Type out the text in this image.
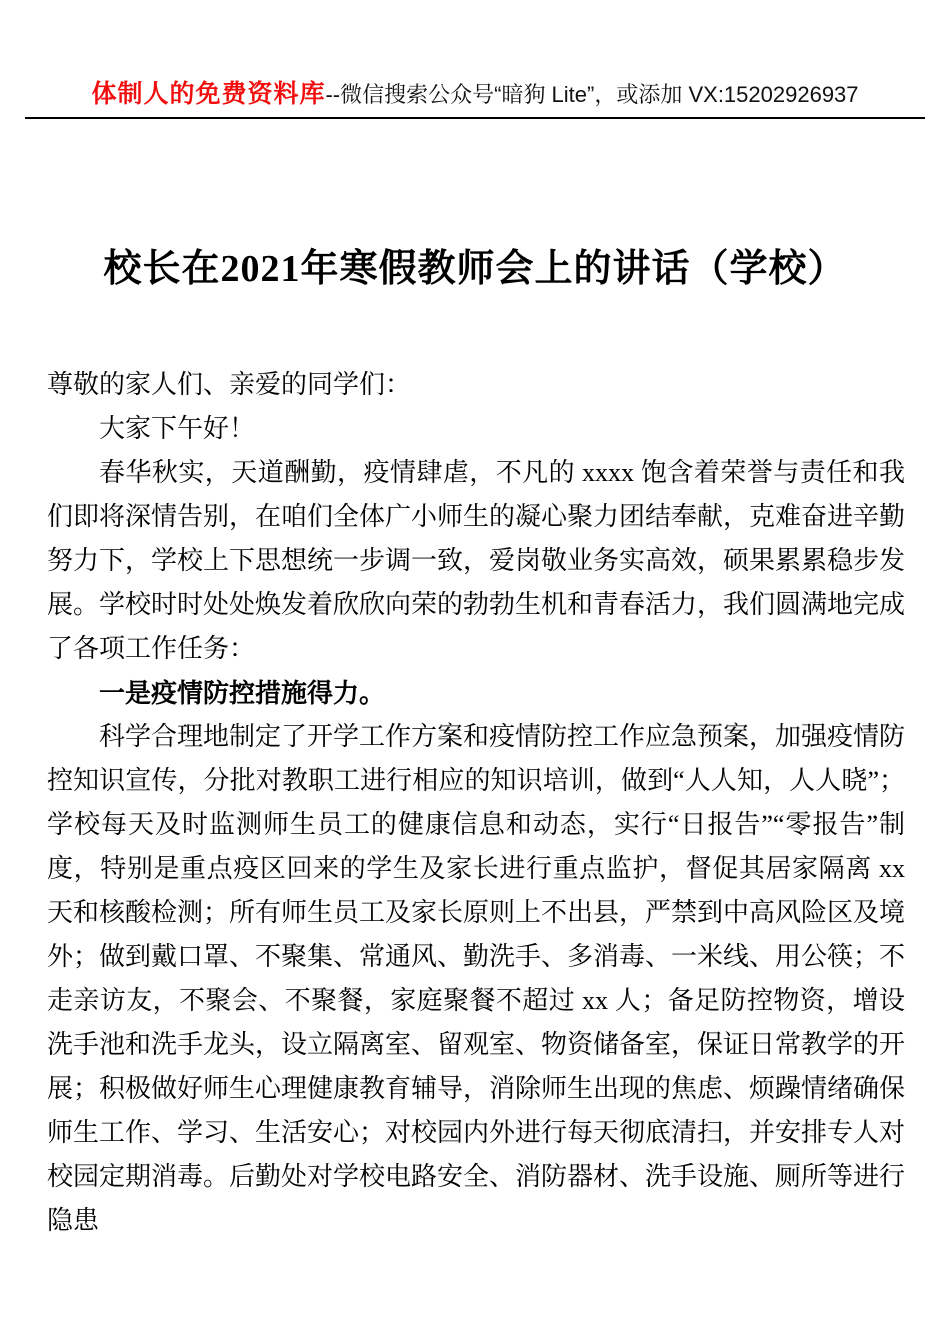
体制人的免费资料库--微信搜索公众号“暗狗 Lite”，或添加 VX:15202926937
校长在2021年寒假教师会上的讲话（学校）

尊敬的家人们、亲爱的同学们：

大家下午好！

春华秋实，天道酬勤，疫情肆虐，不凡的 xxxx 饱含着荣誉与责任和我们即将深情告别，在咱们全体广小师生的凝心聚力团结奉献，克难奋进辛勤努力下，学校上下思想统一步调一致，爱岗敬业务实高效，硕果累累稳步发展。学校时时处处焕发着欣欣向荣的勃勃生机和青春活力，我们圆满地完成了各项工作任务：

一是疫情防控措施得力。

科学合理地制定了开学工作方案和疫情防控工作应急预案，加强疫情防控知识宣传，分批对教职工进行相应的知识培训，做到“人人知，人人晓”；学校每天及时监测师生员工的健康信息和动态，实行“日报告”“零报告”制度，特别是重点疫区回来的学生及家长进行重点监护，督促其居家隔离 xx 天和核酸检测；所有师生员工及家长原则上不出县，严禁到中高风险区及境外；做到戴口罩、不聚集、常通风、勤洗手、多消毒、一米线、用公筷；不走亲访友，不聚会、不聚餐，家庭聚餐不超过 xx 人；备足防控物资，增设洗手池和洗手龙头，设立隔离室、留观室、物资储备室，保证日常教学的开展；积极做好师生心理健康教育辅导，消除师生出现的焦虑、烦躁情绪确保师生工作、学习、生活安心；对校园内外进行每天彻底清扫，并安排专人对校园定期消毒。后勤处对学校电路安全、消防器材、洗手设施、厕所等进行隐患
